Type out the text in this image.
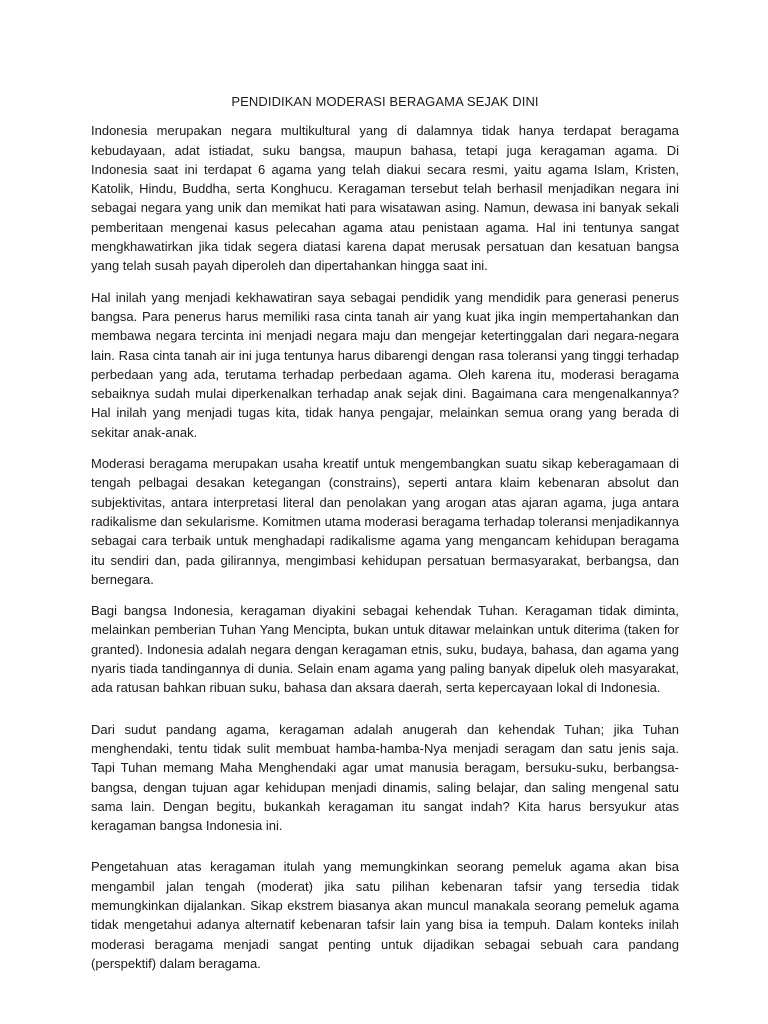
PENDIDIKAN MODERASI BERAGAMA SEJAK DINI

Indonesia merupakan negara multikultural yang di dalamnya tidak hanya terdapat beragama kebudayaan, adat istiadat, suku bangsa, maupun bahasa, tetapi juga keragaman agama. Di Indonesia saat ini terdapat 6 agama yang telah diakui secara resmi, yaitu agama Islam, Kristen, Katolik, Hindu, Buddha, serta Konghucu. Keragaman tersebut telah berhasil menjadikan negara ini sebagai negara yang unik dan memikat hati para wisatawan asing. Namun, dewasa ini banyak sekali pemberitaan mengenai kasus pelecahan agama atau penistaan agama. Hal ini tentunya sangat mengkhawatirkan jika tidak segera diatasi karena dapat merusak persatuan dan kesatuan bangsa yang telah susah payah diperoleh dan dipertahankan hingga saat ini.

Hal inilah yang menjadi kekhawatiran saya sebagai pendidik yang mendidik para generasi penerus bangsa. Para penerus harus memiliki rasa cinta tanah air yang kuat jika ingin mempertahankan dan membawa negara tercinta ini menjadi negara maju dan mengejar ketertinggalan dari negara-negara lain. Rasa cinta tanah air ini juga tentunya harus dibarengi dengan rasa toleransi yang tinggi terhadap perbedaan yang ada, terutama terhadap perbedaan agama. Oleh karena itu, moderasi beragama sebaiknya sudah mulai diperkenalkan terhadap anak sejak dini. Bagaimana cara mengenalkannya? Hal inilah yang menjadi tugas kita, tidak hanya pengajar, melainkan semua orang yang berada di sekitar anak-anak.

Moderasi beragama merupakan usaha kreatif untuk mengembangkan suatu sikap keberagamaan di tengah pelbagai desakan ketegangan (constrains), seperti antara klaim kebenaran absolut dan subjektivitas, antara interpretasi literal dan penolakan yang arogan atas ajaran agama, juga antara radikalisme dan sekularisme. Komitmen utama moderasi beragama terhadap toleransi menjadikannya sebagai cara terbaik untuk menghadapi radikalisme agama yang mengancam kehidupan beragama itu sendiri dan, pada gilirannya, mengimbasi kehidupan persatuan bermasyarakat, berbangsa, dan bernegara.

Bagi bangsa Indonesia, keragaman diyakini sebagai kehendak Tuhan. Keragaman tidak diminta, melainkan pemberian Tuhan Yang Mencipta, bukan untuk ditawar melainkan untuk diterima (taken for granted). Indonesia adalah negara dengan keragaman etnis, suku, budaya, bahasa, dan agama yang nyaris tiada tandingannya di dunia. Selain enam agama yang paling banyak dipeluk oleh masyarakat, ada ratusan bahkan ribuan suku, bahasa dan aksara daerah, serta kepercayaan lokal di Indonesia.

Dari sudut pandang agama, keragaman adalah anugerah dan kehendak Tuhan; jika Tuhan menghendaki, tentu tidak sulit membuat hamba-hamba-Nya menjadi seragam dan satu jenis saja. Tapi Tuhan memang Maha Menghendaki agar umat manusia beragam, bersuku-suku, berbangsa-bangsa, dengan tujuan agar kehidupan menjadi dinamis, saling belajar, dan saling mengenal satu sama lain. Dengan begitu, bukankah keragaman itu sangat indah? Kita harus bersyukur atas keragaman bangsa Indonesia ini.

Pengetahuan atas keragaman itulah yang memungkinkan seorang pemeluk agama akan bisa mengambil jalan tengah (moderat) jika satu pilihan kebenaran tafsir yang tersedia tidak memungkinkan dijalankan. Sikap ekstrem biasanya akan muncul manakala seorang pemeluk agama tidak mengetahui adanya alternatif kebenaran tafsir lain yang bisa ia tempuh. Dalam konteks inilah moderasi beragama menjadi sangat penting untuk dijadikan sebagai sebuah cara pandang (perspektif) dalam beragama.
